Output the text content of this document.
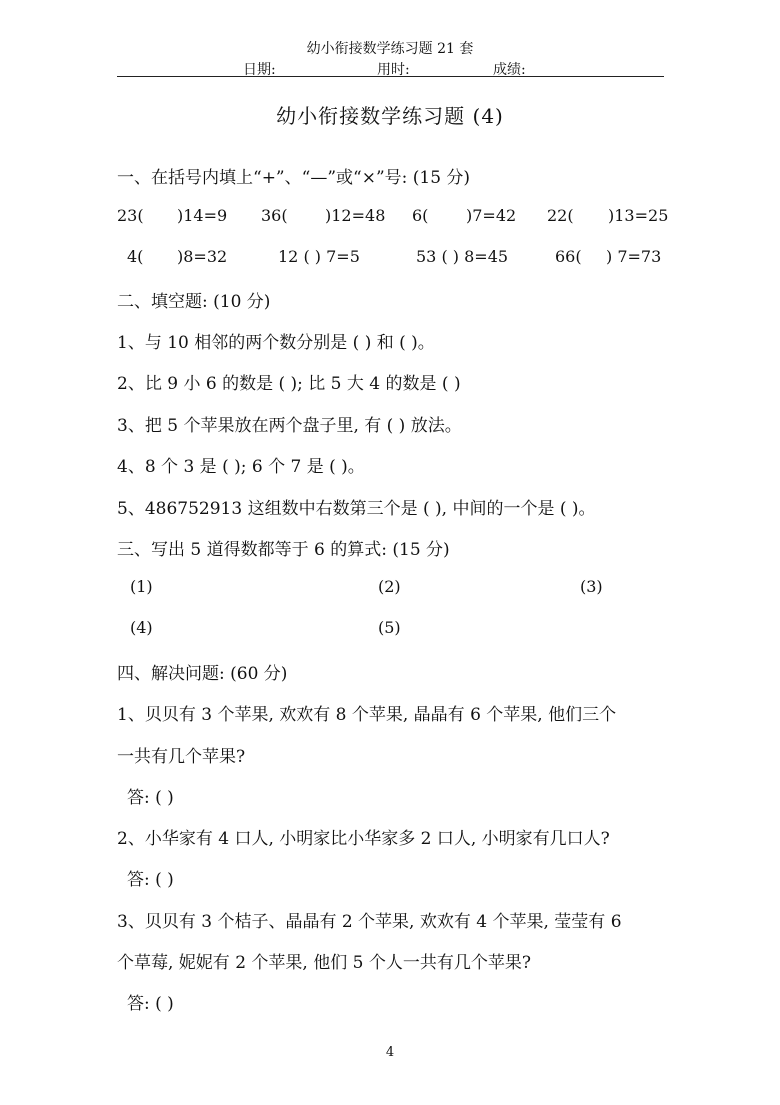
幼小衔接数学练习题 21 套
日期:	用时:	成绩:
幼小衔接数学练习题 (4)
一、在括号内填上“+”、“—”或“×”号: (15 分)
23( )14=9 36( )12=48 6( )7=42 22( )13=25
4( )8=32	12 ( ) 7=5	53 ( ) 8=45	66( ) 7=73
二、填空题: (10 分)
1、与 10 相邻的两个数分别是 ( ) 和 ( )。
2、比 9 小 6 的数是 ( ); 比 5 大 4 的数是 ( )
3、把 5 个苹果放在两个盘子里, 有 ( ) 放法。
4、8 个 3 是 ( ); 6 个 7 是 ( )。
5、486752913 这组数中右数第三个是 ( ), 中间的一个是 ( )。
三、写出 5 道得数都等于 6 的算式: (15 分)
(1)	(2)	(3)
(4)	(5)
四、解决问题: (60 分)
1、贝贝有 3 个苹果, 欢欢有 8 个苹果, 晶晶有 6 个苹果, 他们三个
一共有几个苹果?
答: ( )
2、小华家有 4 口人, 小明家比小华家多 2 口人, 小明家有几口人?
答: ( )
3、贝贝有 3 个桔子、晶晶有 2 个苹果, 欢欢有 4 个苹果, 莹莹有 6
个草莓, 妮妮有 2 个苹果, 他们 5 个人一共有几个苹果?
答: ( )
4
